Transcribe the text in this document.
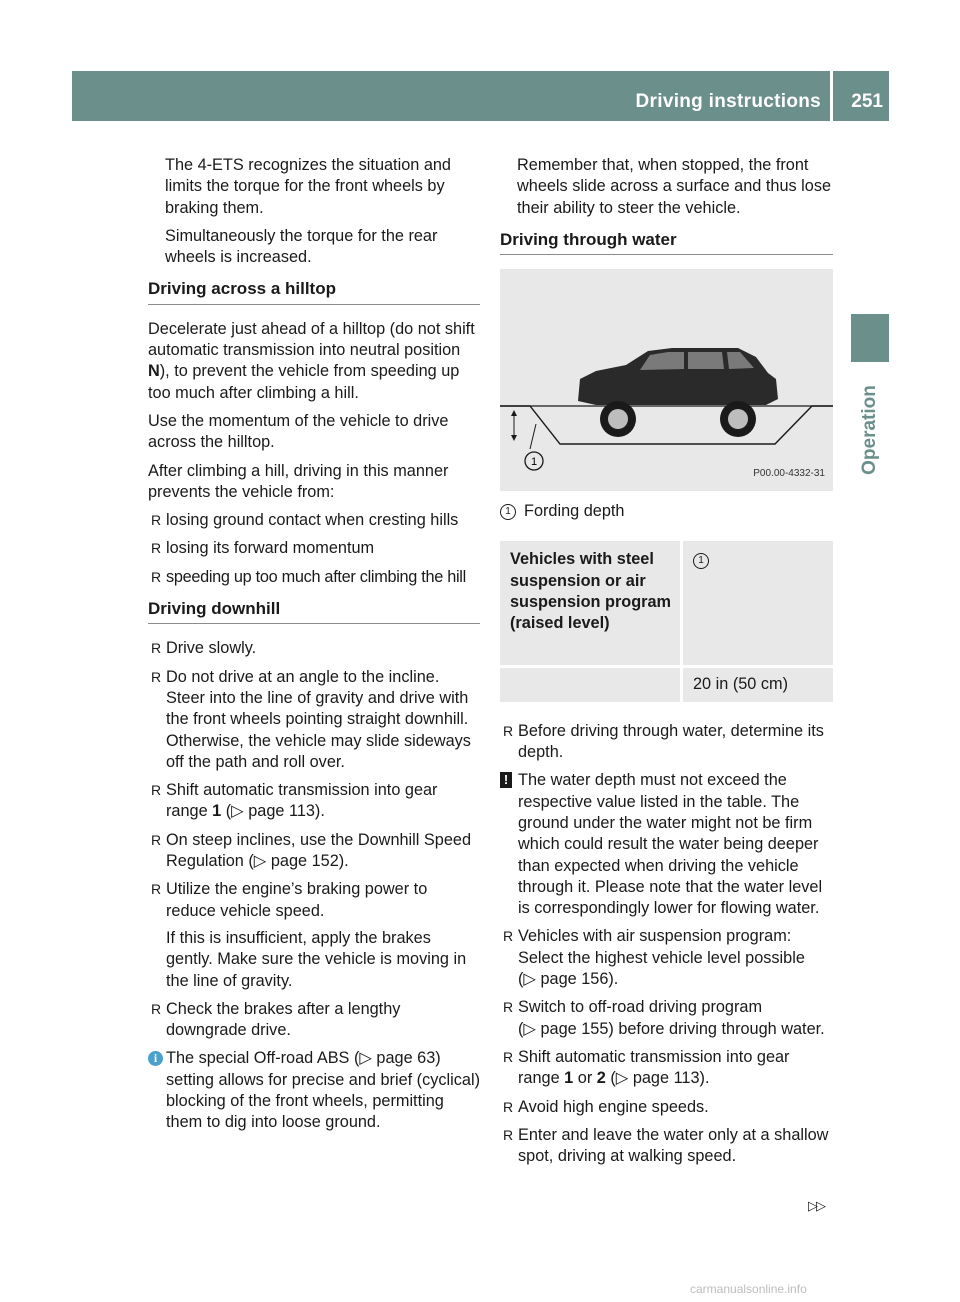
Driving instructions 251
Operation

The 4-ETS recognizes the situation and limits the torque for the front wheels by braking them.

Simultaneously the torque for the rear wheels is increased.

Driving across a hilltop

Decelerate just ahead of a hilltop (do not shift automatic transmission into neutral position N), to prevent the vehicle from speeding up too much after climbing a hill.

Use the momentum of the vehicle to drive across the hilltop.

After climbing a hill, driving in this manner prevents the vehicle from:

R losing ground contact when cresting hills
R losing its forward momentum
R speeding up too much after climbing the hill
Driving downhill
R Drive slowly.
R Do not drive at an angle to the incline. Steer into the line of gravity and drive with the front wheels pointing straight downhill. Otherwise, the vehicle may slide sideways off the path and roll over.
R Shift automatic transmission into gear range 1 (▷ page 113).
R On steep inclines, use the Downhill Speed Regulation (▷ page 152).
R Utilize the engine’s braking power to reduce vehicle speed.
If this is insufficient, apply the brakes gently. Make sure the vehicle is moving in the line of gravity.
R Check the brakes after a lengthy downgrade drive.
i The special Off-road ABS (▷ page 63) setting allows for precise and brief (cyclical) blocking of the front wheels, permitting them to dig into loose ground.

Remember that, when stopped, the front wheels slide across a surface and thus lose their ability to steer the vehicle.

Driving through water
1
P00.00-4332-31
1 Fording depth
Vehicles with steel suspension or air suspension program (raised level)	1
	20 in (50 cm)
R Before driving through water, determine its depth.
! The water depth must not exceed the respective value listed in the table. The ground under the water might not be firm which could result the water being deeper than expected when driving the vehicle through it. Please note that the water level is correspondingly lower for flowing water.
R Vehicles with air suspension program: Select the highest vehicle level possible
(▷ page 156).
R Switch to off-road driving program
(▷ page 155) before driving through water.
R Shift automatic transmission into gear range 1 or 2 (▷ page 113).
R Avoid high engine speeds.
R Enter and leave the water only at a shallow spot, driving at walking speed.
▷▷
carmanualsonline.info
